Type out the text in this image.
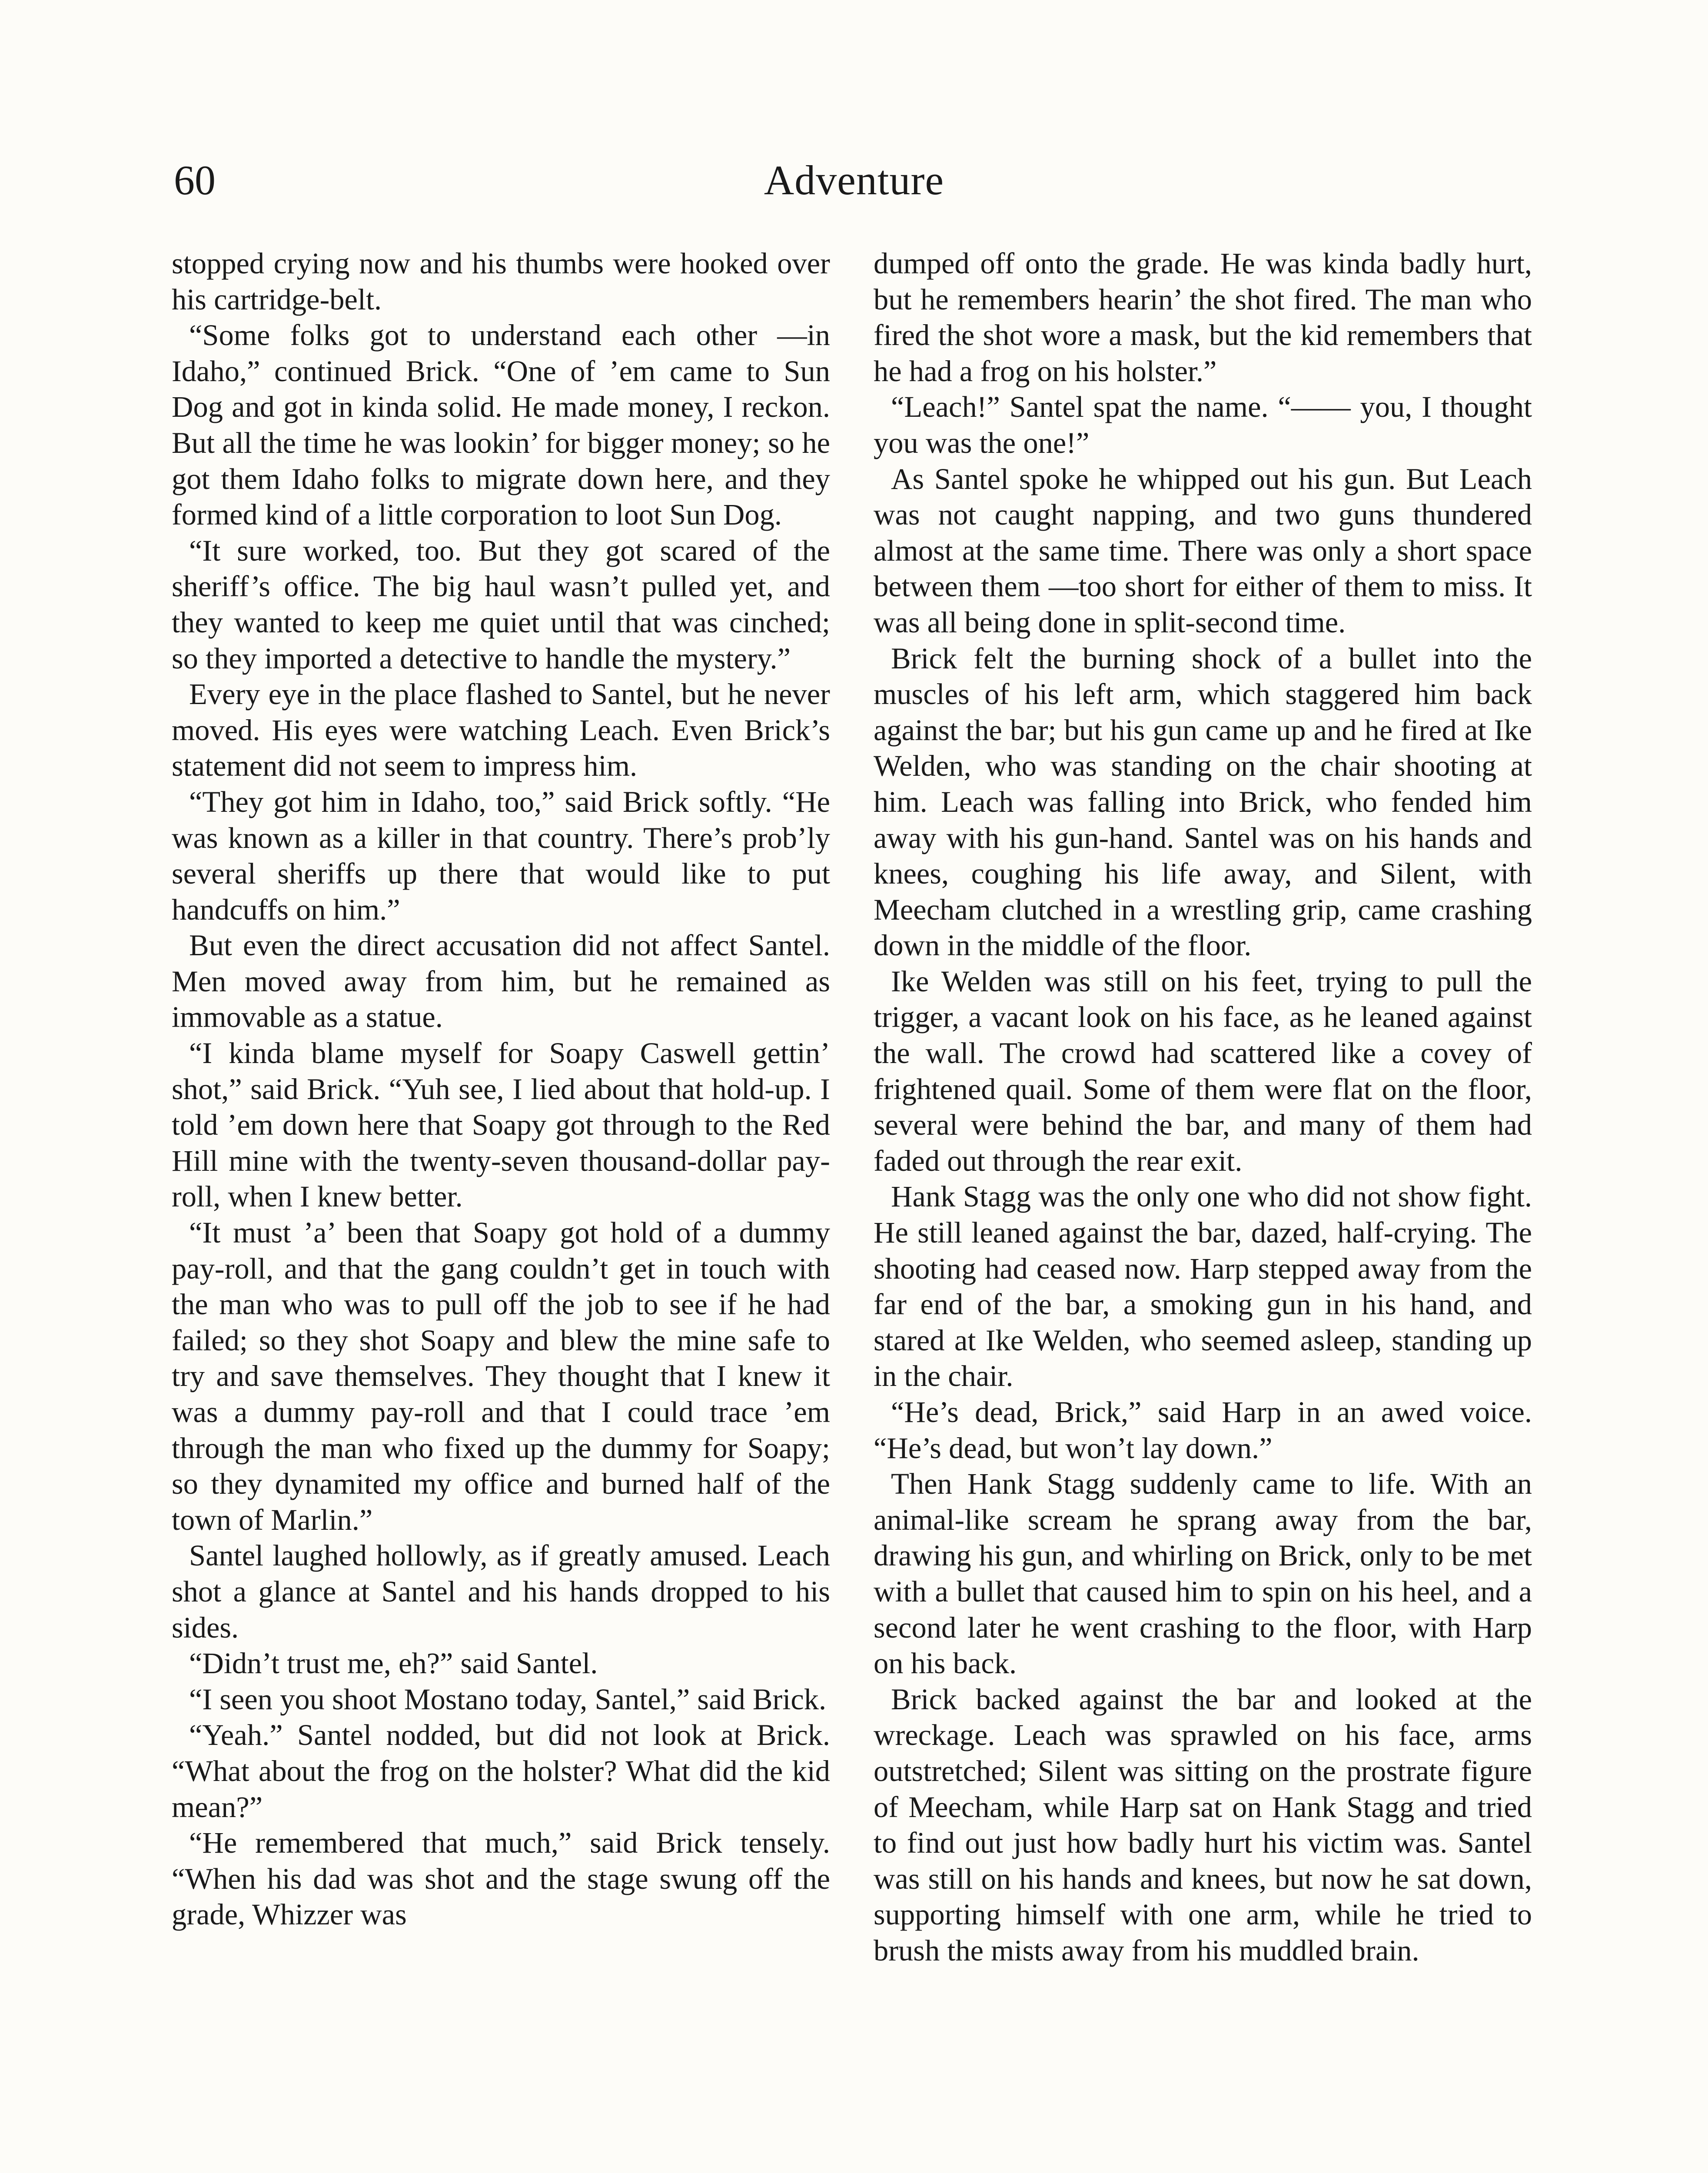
60	Adventure

stopped crying now and his thumbs were hooked over his cartridge-belt.

“Some folks got to understand each other —in Idaho,” continued Brick. “One of ’em came to Sun Dog and got in kinda solid. He made money, I reckon. But all the time he was lookin’ for bigger money; so he got them Idaho folks to migrate down here, and they formed kind of a little corporation to loot Sun Dog.

“It sure worked, too. But they got scared of the sheriff’s office. The big haul wasn’t pulled yet, and they wanted to keep me quiet until that was cinched; so they imported a detective to handle the mystery.”

Every eye in the place flashed to Santel, but he never moved. His eyes were watching Leach. Even Brick’s statement did not seem to impress him.

“They got him in Idaho, too,” said Brick softly. “He was known as a killer in that country. There’s prob’ly several sheriffs up there that would like to put handcuffs on him.”

But even the direct accusation did not affect Santel. Men moved away from him, but he remained as immovable as a statue.

“I kinda blame myself for Soapy Caswell gettin’ shot,” said Brick. “Yuh see, I lied about that hold-up. I told ’em down here that Soapy got through to the Red Hill mine with the twenty-seven thousand-dollar pay-roll, when I knew better.

“It must ’a’ been that Soapy got hold of a dummy pay-roll, and that the gang couldn’t get in touch with the man who was to pull off the job to see if he had failed; so they shot Soapy and blew the mine safe to try and save themselves. They thought that I knew it was a dummy pay-roll and that I could trace ’em through the man who fixed up the dummy for Soapy; so they dynamited my office and burned half of the town of Marlin.”

Santel laughed hollowly, as if greatly amused. Leach shot a glance at Santel and his hands dropped to his sides.

“Didn’t trust me, eh?” said Santel.

“I seen you shoot Mostano today, Santel,” said Brick.

“Yeah.” Santel nodded, but did not look at Brick. “What about the frog on the holster? What did the kid mean?”

“He remembered that much,” said Brick tensely. “When his dad was shot and the stage swung off the grade, Whizzer was

dumped off onto the grade. He was kinda badly hurt, but he remembers hearin’ the shot fired. The man who fired the shot wore a mask, but the kid remembers that he had a frog on his holster.”

“Leach!” Santel spat the name. “—— you, I thought you was the one!”

As Santel spoke he whipped out his gun. But Leach was not caught napping, and two guns thundered almost at the same time. There was only a short space between them —too short for either of them to miss. It was all being done in split-second time.

Brick felt the burning shock of a bullet into the muscles of his left arm, which staggered him back against the bar; but his gun came up and he fired at Ike Welden, who was standing on the chair shooting at him. Leach was falling into Brick, who fended him away with his gun-hand. Santel was on his hands and knees, coughing his life away, and Silent, with Meecham clutched in a wrestling grip, came crashing down in the middle of the floor.

Ike Welden was still on his feet, trying to pull the trigger, a vacant look on his face, as he leaned against the wall. The crowd had scattered like a covey of frightened quail. Some of them were flat on the floor, several were behind the bar, and many of them had faded out through the rear exit.

Hank Stagg was the only one who did not show fight. He still leaned against the bar, dazed, half-crying. The shooting had ceased now. Harp stepped away from the far end of the bar, a smoking gun in his hand, and stared at Ike Welden, who seemed asleep, standing up in the chair.

“He’s dead, Brick,” said Harp in an awed voice. “He’s dead, but won’t lay down.”

Then Hank Stagg suddenly came to life. With an animal-like scream he sprang away from the bar, drawing his gun, and whirling on Brick, only to be met with a bullet that caused him to spin on his heel, and a second later he went crashing to the floor, with Harp on his back.

Brick backed against the bar and looked at the wreckage. Leach was sprawled on his face, arms outstretched; Silent was sitting on the prostrate figure of Meecham, while Harp sat on Hank Stagg and tried to find out just how badly hurt his victim was. Santel was still on his hands and knees, but now he sat down, supporting himself with one arm, while he tried to brush the mists away from his muddled brain.
